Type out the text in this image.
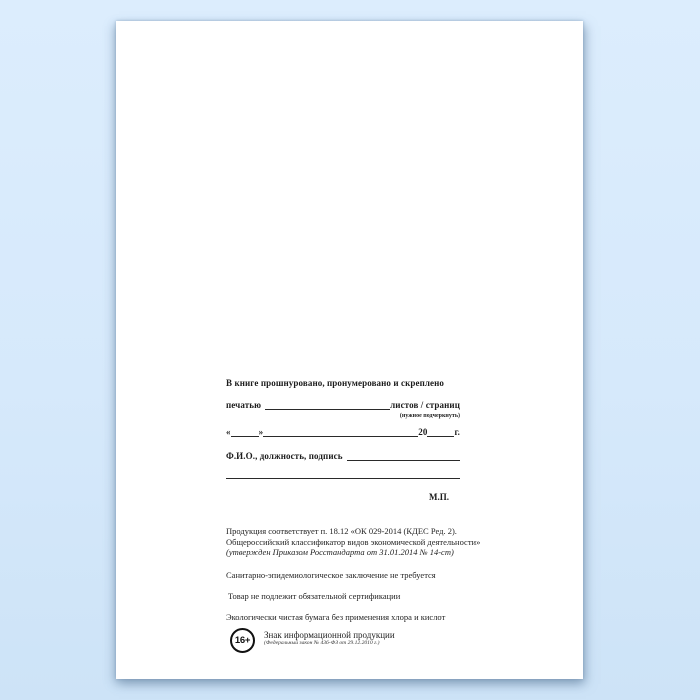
В книге прошнуровано, пронумеровано и скреплено
печатью	листов / страниц
(нужное подчеркнуть)
«	»	20	г.
Ф.И.О., должность, подпись
М.П.
Продукция соответствует п. 18.12 «ОК 029-2014 (КДЕС Ред. 2).
Общероссийский классификатор видов экономической деятельности»
(утвержден Приказом Росстандарта от 31.01.2014 № 14-ст)
Санитарно-эпидемиологическое заключение не требуется
Товар не подлежит обязательной сертификации
Экологически чистая бумага без применения хлора и кислот
16+	Знак информационной продукции
(Федеральный закон № 436-ФЗ от 29.12.2010 г.)
